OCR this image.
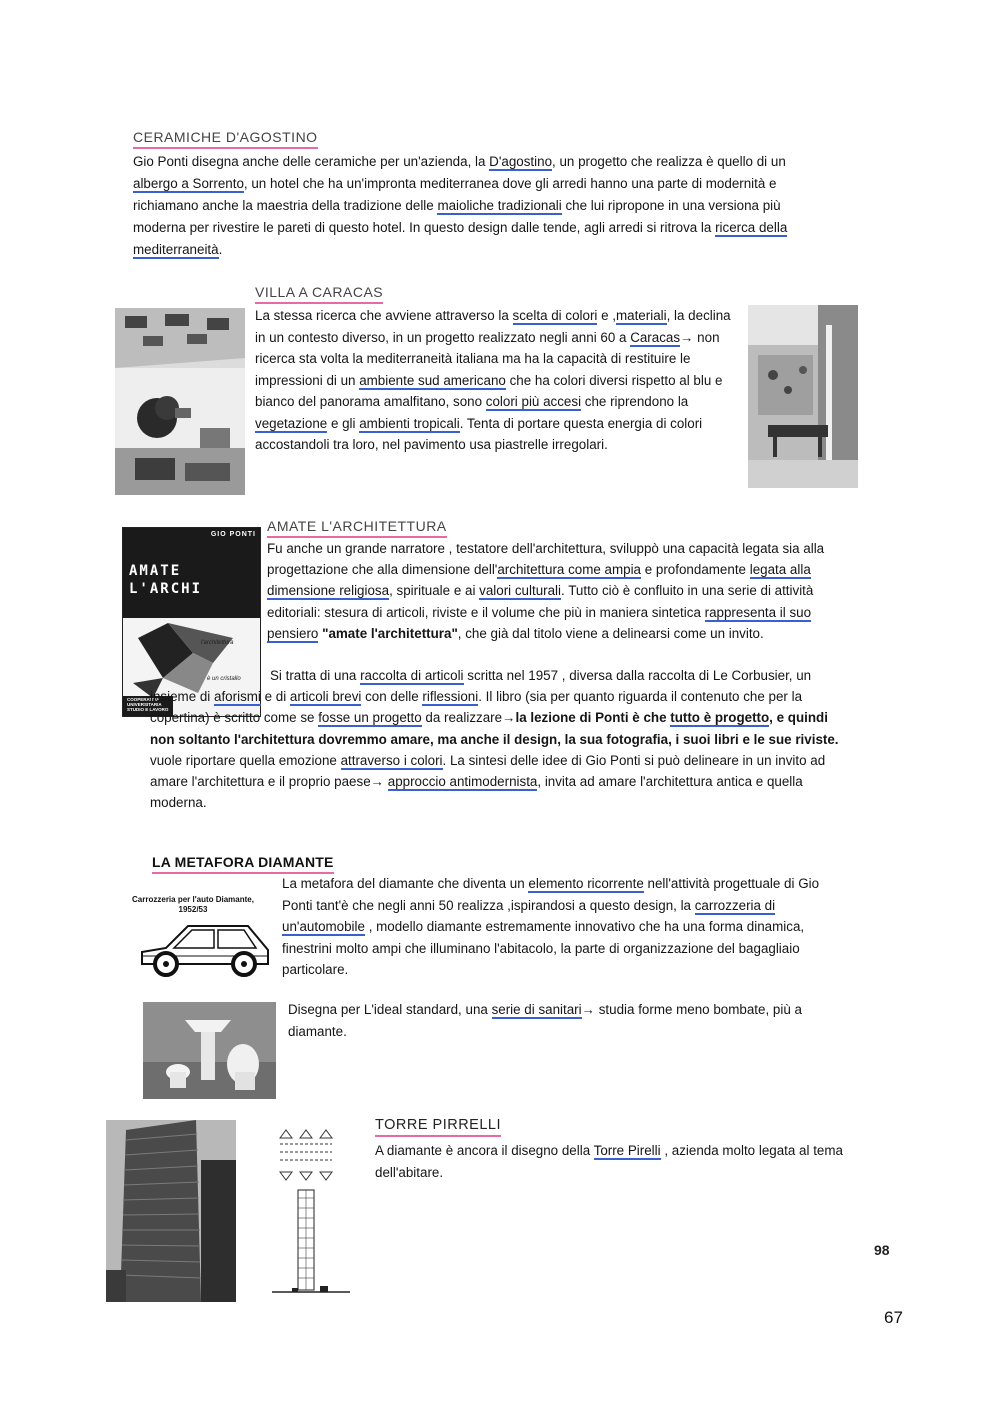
CERAMICHE D'AGOSTINO
Gio Ponti disegna anche delle ceramiche per un'azienda, la D'agostino, un progetto che realizza è quello di un albergo a Sorrento, un hotel che ha un'impronta mediterranea dove gli arredi hanno una parte di modernità e richiamano anche la maestria della tradizione delle maioliche tradizionali che lui ripropone in una versiona più moderna per rivestire le pareti di questo hotel. In questo design dalle tende, agli arredi si ritrova la ricerca della mediterraneità.
VILLA A CARACAS
La stessa ricerca che avviene attraverso la scelta di colori e ,materiali, la declina in un contesto diverso, in un progetto realizzato negli anni 60 a Caracas→ non ricerca sta volta la mediterraneità italiana ma ha la capacità di restituire le impressioni di un ambiente sud americano che ha colori diversi rispetto al blu e bianco del panorama amalfitano, sono colori più accesi che riprendono la vegetazione e gli ambienti tropicali. Tenta di portare questa energia di colori accostandoli tra loro, nel pavimento usa piastrelle irregolari.
GIO PONTI
AMATE
L'ARCHI
l'architettura
è un cristallo
COOPERATIVA UNIVERSITARIA STUDIO E LAVORO
AMATE L'ARCHITETTURA
Fu anche un grande narratore , testatore dell'architettura, sviluppò una capacità legata sia alla progettazione che alla dimensione dell'architettura come ampia e profondamente legata alla dimensione religiosa, spirituale e ai valori culturali. Tutto ciò è confluito in una serie di attività editoriali: stesura di articoli, riviste e il volume che più in maniera sintetica rappresenta il suo pensiero "amate l'architettura", che già dal titolo viene a delinearsi come un invito.
Si tratta di una raccolta di articoli scritta nel 1957 , diversa dalla raccolta di Le Corbusier, un insieme di aforismi e di articoli brevi con delle riflessioni. Il libro (sia per quanto riguarda il contenuto che per la copertina) è scritto come se fosse un progetto da realizzare→la lezione di Ponti è che tutto è progetto, e quindi non soltanto l'architettura dovremmo amare, ma anche il design, la sua fotografia, i suoi libri e le sue riviste. vuole riportare quella emozione attraverso i colori. La sintesi delle idee di Gio Ponti si può delineare in un invito ad amare l'architettura e il proprio paese→ approccio antimodernista, invita ad amare l'architettura antica e quella moderna.
LA METAFORA DIAMANTE
Carrozzeria per l'auto Diamante,
1952/53
La metafora del diamante che diventa un elemento ricorrente nell'attività progettuale di Gio Ponti tant'è che negli anni 50 realizza ,ispirandosi a questo design, la carrozzeria di un'automobile , modello diamante estremamente innovativo che ha una forma dinamica, finestrini molto ampi che illuminano l'abitacolo, la parte di organizzazione del bagagliaio particolare.
Disegna per L'ideal standard, una serie di sanitari→ studia forme meno bombate, più a diamante.
TORRE PIRRELLI
A diamante è ancora il disegno della Torre Pirelli , azienda molto legata al tema dell'abitare.
98
67
